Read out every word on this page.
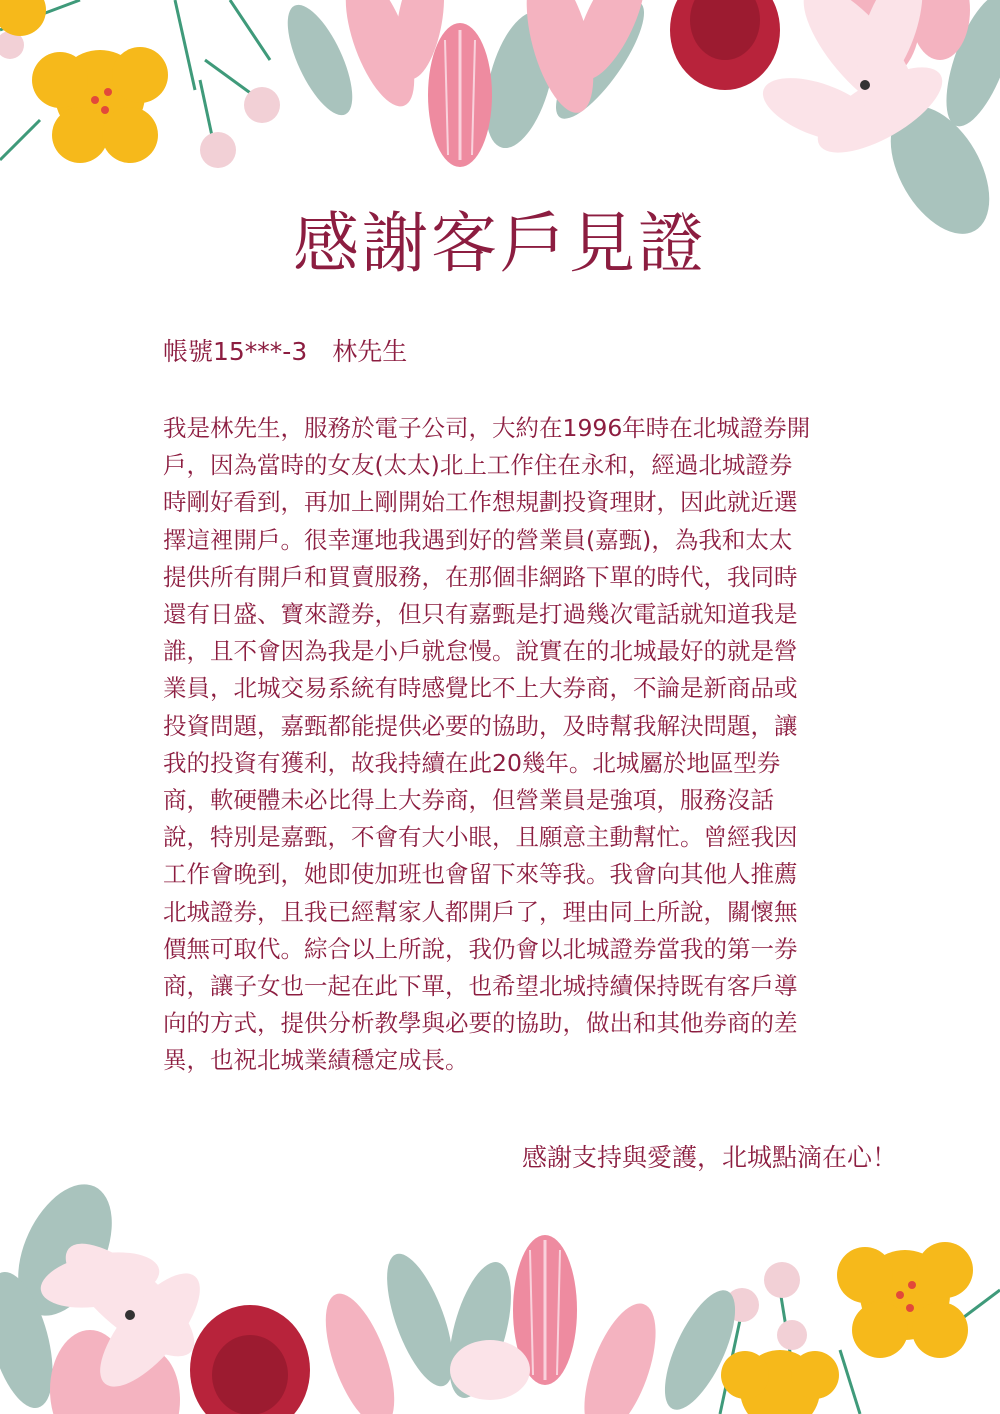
感謝客戶見證
帳號15***-3　林先生
我是林先生，服務於電子公司，大約在1996年時在北城證券開
戶，因為當時的女友(太太)北上工作住在永和，經過北城證券
時剛好看到，再加上剛開始工作想規劃投資理財，因此就近選
擇這裡開戶。很幸運地我遇到好的營業員(嘉甄)，為我和太太
提供所有開戶和買賣服務，在那個非網路下單的時代，我同時
還有日盛、寶來證券，但只有嘉甄是打過幾次電話就知道我是
誰，且不會因為我是小戶就怠慢。說實在的北城最好的就是營
業員，北城交易系統有時感覺比不上大券商，不論是新商品或
投資問題，嘉甄都能提供必要的協助，及時幫我解決問題，讓
我的投資有獲利，故我持續在此20幾年。北城屬於地區型券
商，軟硬體未必比得上大券商，但營業員是強項，服務沒話
說，特別是嘉甄，不會有大小眼，且願意主動幫忙。曾經我因
工作會晚到，她即使加班也會留下來等我。我會向其他人推薦
北城證券，且我已經幫家人都開戶了，理由同上所說，關懷無
價無可取代。綜合以上所說，我仍會以北城證券當我的第一券
商，讓子女也一起在此下單，也希望北城持續保持既有客戶導
向的方式，提供分析教學與必要的協助，做出和其他券商的差
異，也祝北城業績穩定成長。
感謝支持與愛護，北城點滴在心！
